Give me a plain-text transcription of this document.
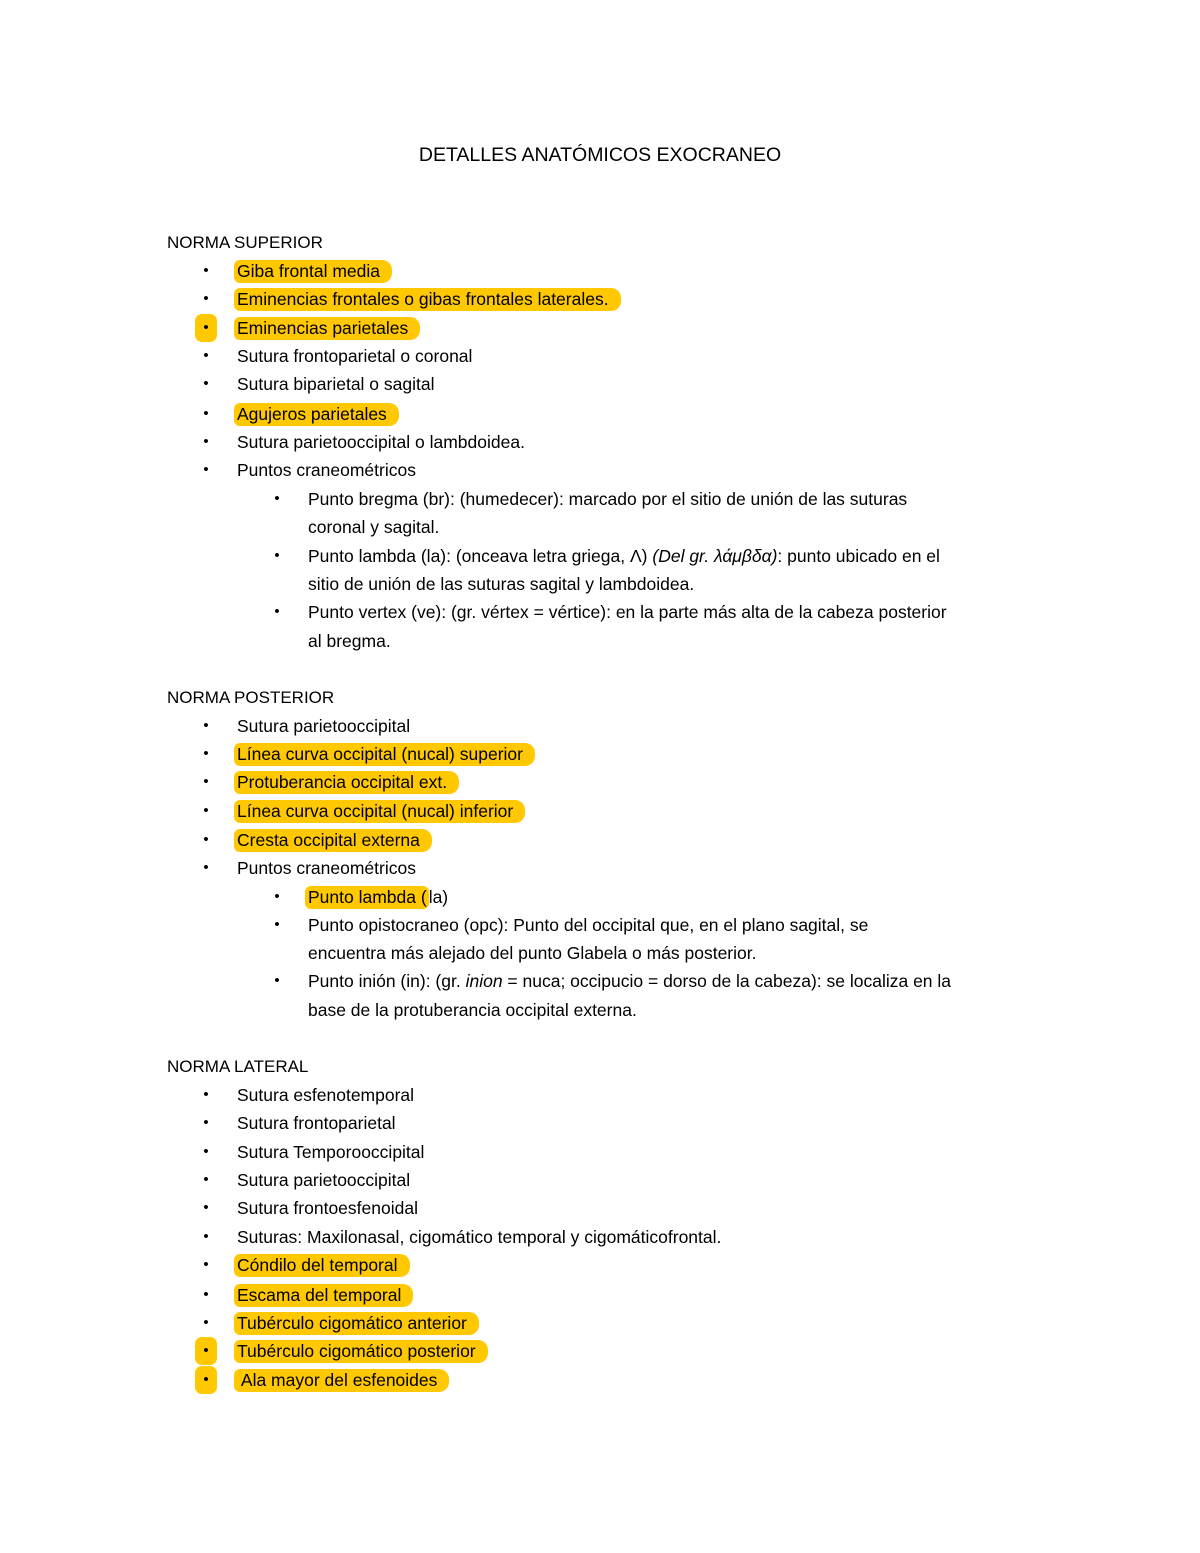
DETALLES ANATÓMICOS EXOCRANEO
NORMA SUPERIOR
• Giba frontal media
• Eminencias frontales o gibas frontales laterales.
• Eminencias parietales
• Sutura frontoparietal o coronal
• Sutura biparietal o sagital
• Agujeros parietales
• Sutura parietooccipital o lambdoidea.
• Puntos craneométricos
• Punto bregma (br): (humedecer): marcado por el sitio de unión de las suturas
coronal y sagital.
• Punto lambda (la): (onceava letra griega, Λ) (Del gr. λάμβδα): punto ubicado en el
sitio de unión de las suturas sagital y lambdoidea.
• Punto vertex (ve): (gr. vértex = vértice): en la parte más alta de la cabeza posterior
al bregma.
NORMA POSTERIOR
• Sutura parietooccipital
• Línea curva occipital (nucal) superior
• Protuberancia occipital ext.
• Línea curva occipital (nucal) inferior
• Cresta occipital externa
• Puntos craneométricos
• Punto lambda ( la)
• Punto opistocraneo (opc): Punto del occipital que, en el plano sagital, se
encuentra más alejado del punto Glabela o más posterior.
• Punto inión (in): (gr. inion = nuca; occipucio = dorso de la cabeza): se localiza en la
base de la protuberancia occipital externa.
NORMA LATERAL
• Sutura esfenotemporal
• Sutura frontoparietal
• Sutura Temporooccipital
• Sutura parietooccipital
• Sutura frontoesfenoidal
• Suturas: Maxilonasal, cigomático temporal y cigomáticofrontal.
• Cóndilo del temporal
• Escama del temporal
• Tubérculo cigomático anterior
• Tubérculo cigomático posterior
• Ala mayor del esfenoides
